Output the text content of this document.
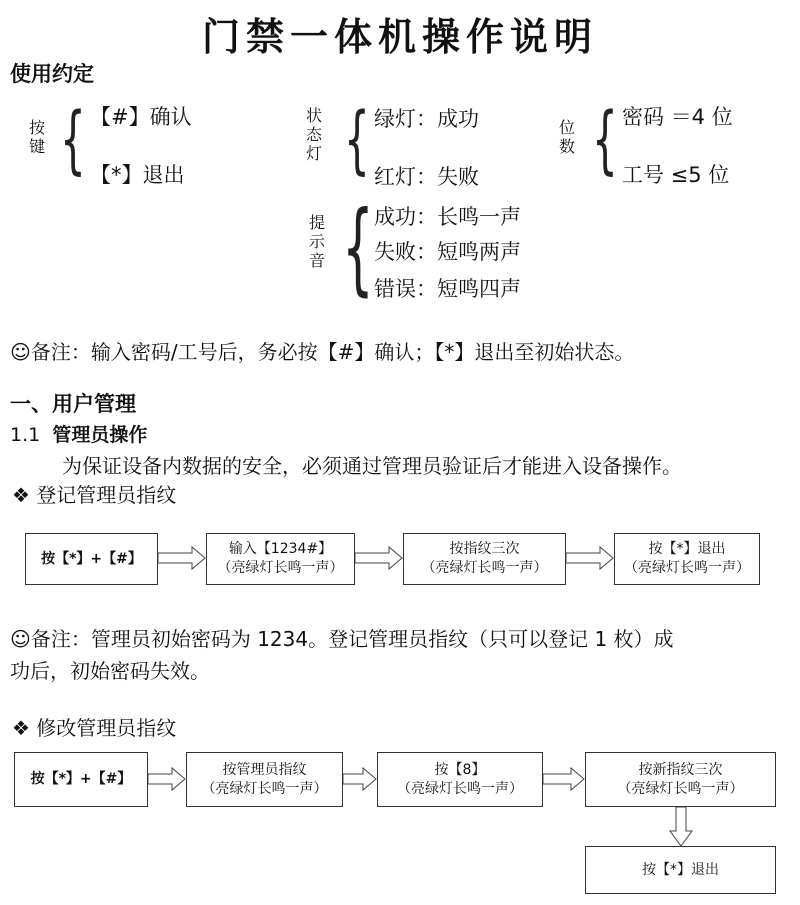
门禁一体机操作说明
使用约定
按键 { 【#】确认
【*】退出
状态灯 { 绿灯：成功
红灯：失败
位数 { 密码 ＝4 位
工号 ≤5 位
提示音 { 成功：长鸣一声
失败：短鸣两声
错误：短鸣四声
☺备注：输入密码/工号后，务必按【#】确认；【*】退出至初始状态。
一、用户管理
1.1 管理员操作
为保证设备内数据的安全，必须通过管理员验证后才能进入设备操作。
❖ 登记管理员指纹
按【*】+【#】
输入【1234#】
（亮绿灯长鸣一声）
按指纹三次
（亮绿灯长鸣一声）
按【*】退出
（亮绿灯长鸣一声）
☺备注：管理员初始密码为 1234。登记管理员指纹（只可以登记 1 枚）成
功后，初始密码失效。
❖ 修改管理员指纹
按【*】+【#】
按管理员指纹
（亮绿灯长鸣一声）
按【8】
（亮绿灯长鸣一声）
按新指纹三次
（亮绿灯长鸣一声）
按【*】退出
